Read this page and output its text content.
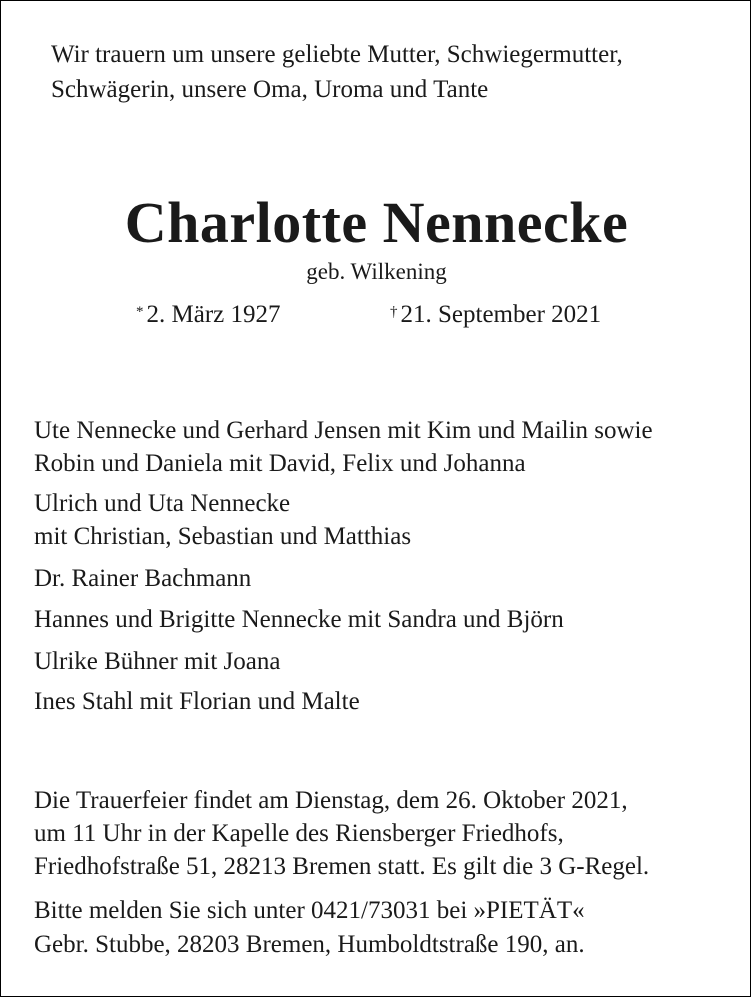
Wir trauern um unsere geliebte Mutter, Schwiegermutter,

Schwägerin, unsere Oma, Uroma und Tante

Charlotte Nennecke

geb. Wilkening

* 2. März 1927	† 21. September 2021

Ute Nennecke und Gerhard Jensen mit Kim und Mailin sowie

Robin und Daniela mit David, Felix und Johanna

Ulrich und Uta Nennecke

mit Christian, Sebastian und Matthias

Dr. Rainer Bachmann

Hannes und Brigitte Nennecke mit Sandra und Björn

Ulrike Bühner mit Joana

Ines Stahl mit Florian und Malte

Die Trauerfeier findet am Dienstag, dem 26. Oktober 2021,

um 11 Uhr in der Kapelle des Riensberger Friedhofs,

Friedhofstraße 51, 28213 Bremen statt. Es gilt die 3 G-Regel.

Bitte melden Sie sich unter 0421/73031 bei »PIETÄT«

Gebr. Stubbe, 28203 Bremen, Humboldtstraße 190, an.
